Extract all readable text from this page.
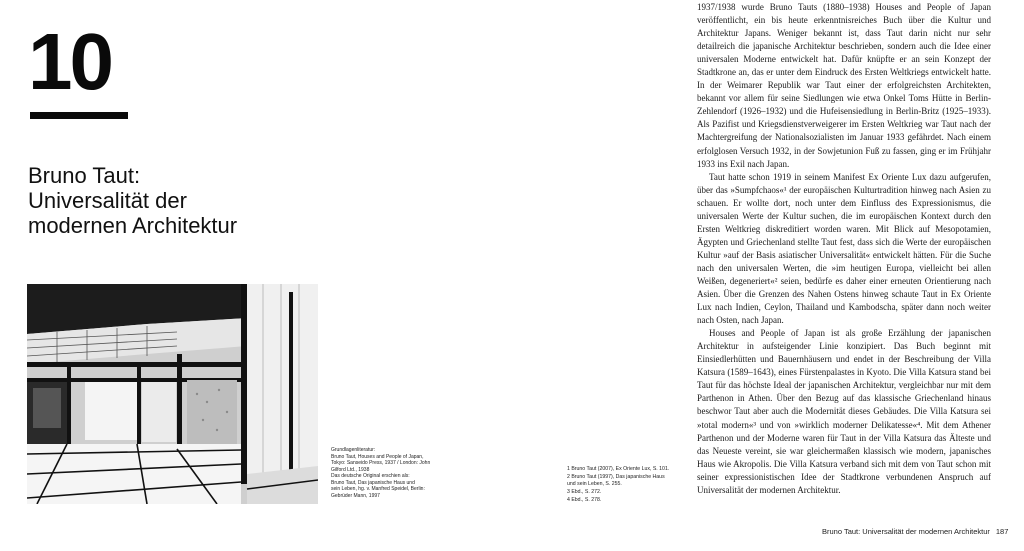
10
Bruno Taut:
Universalität der
modernen Architektur
Grundlagenliteratur:
Bruno Taut, Houses and People of Japan,
Tokyo: Sanseido Press, 1937 / London: John
Gilford Ltd., 1938
Das deutsche Original erschien als:
Bruno Taut, Das japanische Haus und
sein Leben, hg. v. Manfred Speidel, Berlin:
Gebrüder Mann, 1997
1 Bruno Taut (2007), Ex Oriente Lux, S. 101.
2 Bruno Taut (1997), Das japanische Haus
und sein Leben, S. 255.
3 Ebd., S. 272.
4 Ebd., S. 278.

1937/1938 wurde Bruno Tauts (1880–1938) Houses and People of Japan veröffentlicht, ein bis heute erkenntnisreiches Buch über die Kultur und Architektur Japans. Weniger bekannt ist, dass Taut darin nicht nur sehr detailreich die japanische Architektur beschrieben, sondern auch die Idee einer universalen Moderne entwickelt hat. Dafür knüpfte er an sein Konzept der Stadtkrone an, das er unter dem Eindruck des Ersten Weltkriegs entwickelt hatte. In der Weimarer Republik war Taut einer der erfolgreichsten Architekten, bekannt vor allem für seine Siedlungen wie etwa Onkel Toms Hütte in Berlin-Zehlendorf (1926–1932) und die Hufeisensiedlung in Berlin-Britz (1925–1933). Als Pazifist und Kriegsdienstverweigerer im Ersten Weltkrieg war Taut nach der Machtergreifung der Nationalsozialisten im Januar 1933 gefährdet. Nach einem erfolglosen Versuch 1932, in der Sowjetunion Fuß zu fassen, ging er im Frühjahr 1933 ins Exil nach Japan.

Taut hatte schon 1919 in seinem Manifest Ex Oriente Lux dazu aufgerufen, über das »Sumpfchaos«¹ der europäischen Kulturtradition hinweg nach Asien zu schauen. Er wollte dort, noch unter dem Einfluss des Expressionismus, die universalen Werte der Kultur suchen, die im europäischen Kontext durch den Ersten Weltkrieg diskreditiert worden waren. Mit Blick auf Mesopotamien, Ägypten und Griechenland stellte Taut fest, dass sich die Werte der europäischen Kultur »auf der Basis asiatischer Universalität« entwickelt hätten. Für die Suche nach den universalen Werten, die »im heutigen Europa, vielleicht bei allen Weißen, degeneriert«² seien, bedürfe es daher einer erneuten Orientierung nach Asien. Über die Grenzen des Nahen Ostens hinweg schaute Taut in Ex Oriente Lux nach Indien, Ceylon, Thailand und Kambodscha, später dann noch weiter nach Osten, nach Japan.

Houses and People of Japan ist als große Erzählung der japanischen Architektur in aufsteigender Linie konzipiert. Das Buch beginnt mit Einsiedlerhütten und Bauernhäusern und endet in der Beschreibung der Villa Katsura (1589–1643), eines Fürstenpalastes in Kyoto. Die Villa Katsura stand bei Taut für das höchste Ideal der japanischen Architektur, vergleichbar nur mit dem Parthenon in Athen. Über den Bezug auf das klassische Griechenland hinaus beschwor Taut aber auch die Modernität dieses Gebäudes. Die Villa Katsura sei »total modern«³ und von »wirklich moderner Delikatesse«⁴. Mit dem Athener Parthenon und der Moderne waren für Taut in der Villa Katsura das Älteste und das Neueste vereint, sie war gleichermaßen klassisch wie modern, japanisches Haus wie Akropolis. Die Villa Katsura verband sich mit dem von Taut schon mit seiner expressionistischen Idee der Stadtkrone verbundenen Anspruch auf Universalität der modernen Architektur.

Bruno Taut: Universalität der modernen Architektur 187
